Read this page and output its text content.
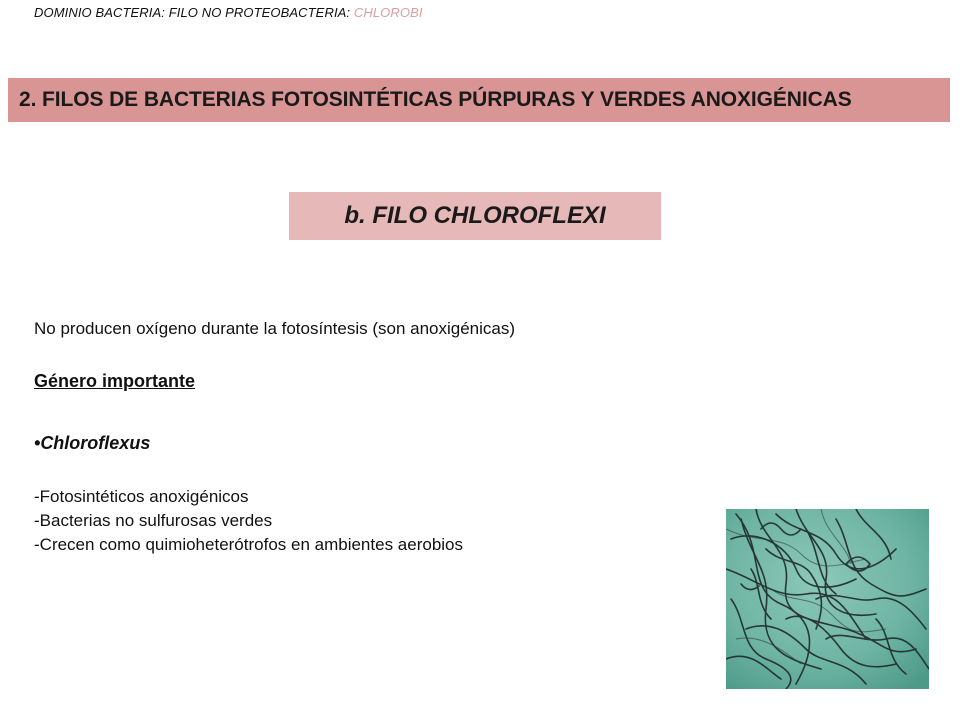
DOMINIO BACTERIA: FILO NO PROTEOBACTERIA: CHLOROBI
2. FILOS DE BACTERIAS FOTOSINTÉTICAS PÚRPURAS Y VERDES ANOXIGÉNICAS
b. FILO CHLOROFLEXI
No producen oxígeno durante la fotosíntesis (son anoxigénicas)
Género importante
•Chloroflexus
-Fotosintéticos anoxigénicos
-Bacterias no sulfurosas verdes
-Crecen como quimioheterótrofos en ambientes aerobios
